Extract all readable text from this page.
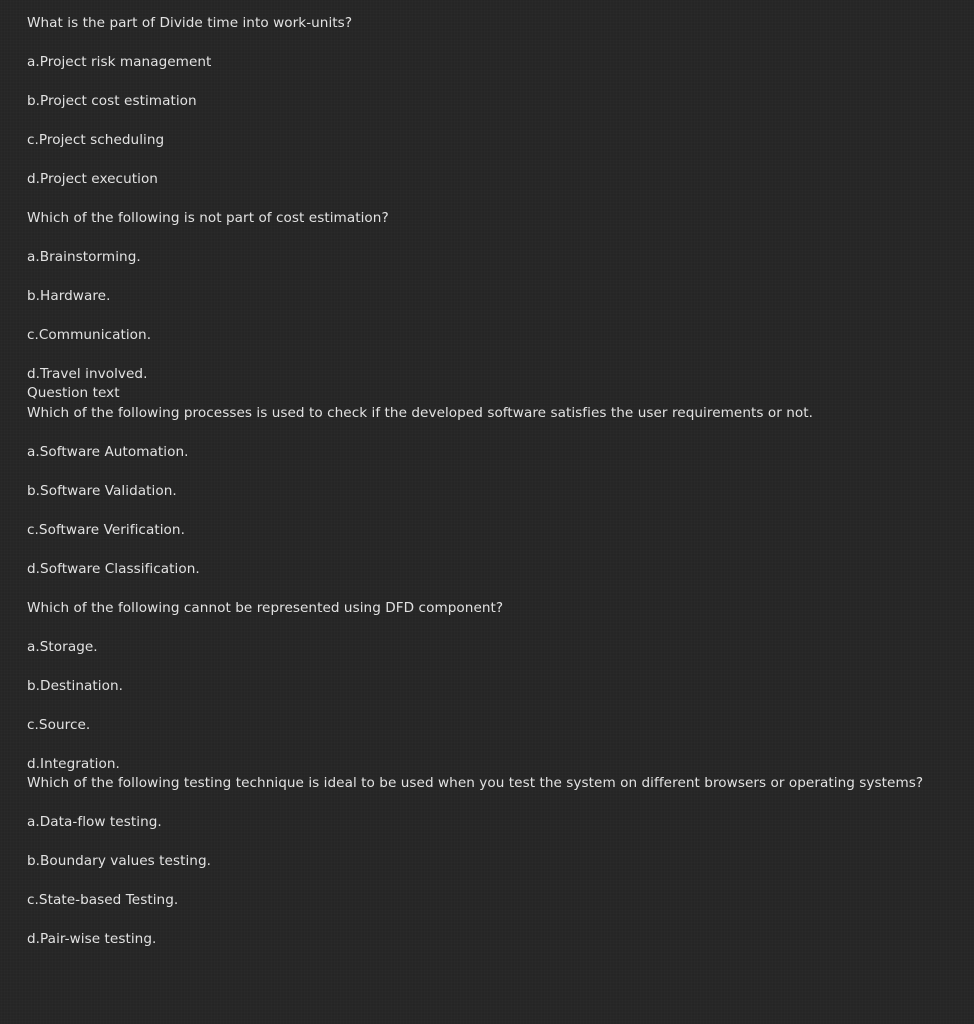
What is the part of Divide time into work-units?
a.Project risk management
b.Project cost estimation
c.Project scheduling
d.Project execution
Which of the following is not part of cost estimation?
a.Brainstorming.
b.Hardware.
c.Communication.
d.Travel involved.
Question text
Which of the following processes is used to check if the developed software satisfies the user requirements or not.
a.Software Automation.
b.Software Validation.
c.Software Verification.
d.Software Classification.
Which of the following cannot be represented using DFD component?
a.Storage.
b.Destination.
c.Source.
d.Integration.
Which of the following testing technique is ideal to be used when you test the system on different browsers or operating systems?
a.Data-flow testing.
b.Boundary values testing.
c.State-based Testing.
d.Pair-wise testing.
